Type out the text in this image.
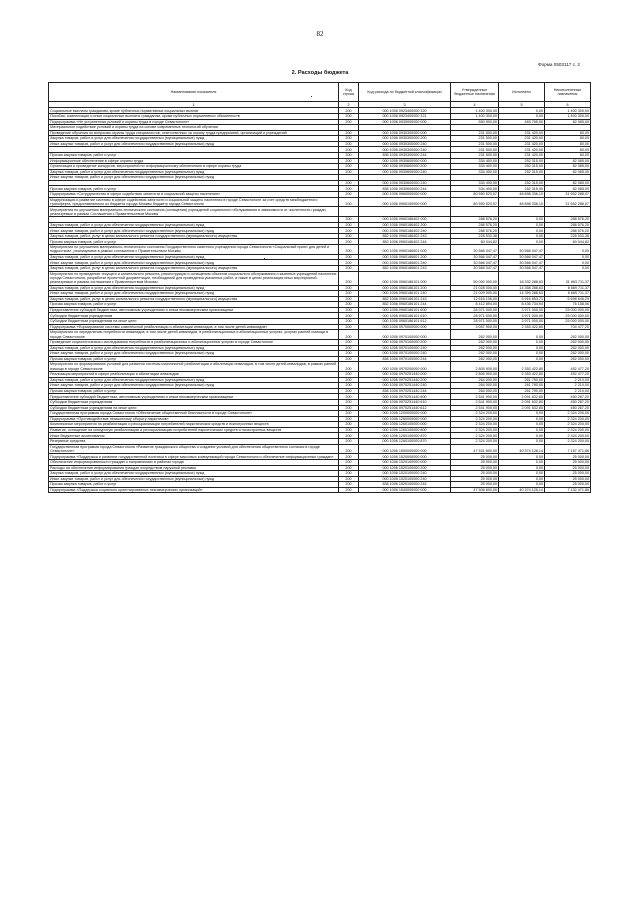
82
Форма 0503117 с. 2
2. Расходы бюджета
Наименование показателя	Код строки	Код расхода по бюджетной классификации	Утвержденные бюджетные назначения	Исполнено	Неисполненные назначения
1	2	3	4	5	6
Социальные выплаты гражданам, кроме публичных нормативных социальных выплат	200	000 1006 0923400000 320	1 400 300,00	0,00	1 400 300,00
Пособия, компенсации и иные социальные выплаты гражданам, кроме публичных нормативных обязательств	200	000 1006 0923400000 321	1 400 300,00	0,00	1 400 300,00
Подпрограмма «Не устраненная условий и охраны труда в городе Севастополе»	200	000 1006 0930000000 000	550 900,00	483 765,00	82 085,00
Материальное содействие условий и охраны труда на основе современных технологий обучения					
Проведение обучения по вопросам охраны труда специалистов, ответственных за охрану труда предприятий, организаций и учреждений	200	000 1006 0930300000 000	231 500,00	231 420,00	80,00
Закупка товаров, работ и услуг для обеспечения государственных (муниципальных) нужд	200	000 1006 0930300000 200	231 500,00	231 420,00	80,00
Иные закупки товаров, работ и услуг для обеспечения государственных (муниципальных) нужд	200	000 1006 0930300000 240	231 500,00	231 420,00	80,00
	200	000 1006 0930300000 240	231 500,00	231 420,00	80,00
Прочая закупка товаров, работ и услуг	200	838 1006 0930300000 244	231 500,00	231 420,00	80,00
Информационное обеспечение в сфере охраны труда	200	000 1006 0930600000 000	334 400,00	252 315,00	82 085,00
Организация и проведение конкурсов, мероприятий по информационному обеспечению в сфере охраны труда	200	000 1006 0930600000 200	334 400,00	252 315,00	82 085,00
Закупка товаров, работ и услуг для обеспечения государственных (муниципальных) нужд	200	000 1006 0930600000 240	334 400,00	252 315,00	82 085,00
Иные закупки товаров, работ и услуг для обеспечения государственных (муниципальных) нужд					
	200	000 1006 0930600000 240	334 400,00	252 315,00	82 085,00
Прочая закупка товаров, работ и услуг	200	838 1006 0930600000 244	334 400,00	252 315,00	82 085,00
Подпрограмма «Сотрудничество в сфере содействия занятости и социальной защиты населения»	200	000 1006 0960000000 000	80 550 523,57	48 898 336,10	31 652 288,07
Модернизация и развитие системы в сфере содействия занятости и социальной защиты населения в городе Севастополе за счет средств межбюджетного трансферта, предоставляемого из бюджета города Москвы бюджету города Севастополя	200	000 1006 0960100000 000	80 550 523,57	48 898 336,10	31 652 288,07
Мероприятия по улучшению материально-технического состояния (оснащения) учреждений социального обслуживания в зависимости от численности граждан, реализуемые в рамках Соглашения с Правительством Москвы					
	200	000 1006 0960186402 000	288 576,20	0,00	288 576,20
Закупка товаров, работ и услуг для обеспечения государственных (муниципальных) нужд	200	000 1006 0960186402 200	288 576,20	0,00	288 576,20
Иные закупки товаров, работ и услуг для обеспечения государственных (муниципальных) нужд	200	000 1006 0960186402 240	288 576,20	0,00	288 576,20
Закупка товаров, работ, услуг в целях капитального ремонта государственного (муниципального) имущества	200	852 1006 0960186402 243	228 533,38	0,00	228 533,38
Прочая закупка товаров, работ и услуг	200	852 1006 0960186402 244	60 044,82	0,00	60 044,82
Мероприятия по улучшению материально-технического состояния Государственного казенного учреждения города Севастополя «Социальный приют для детей и подростков», реализуемые в рамках соглашения с Правительством Москвы	200	000 1006 0960186601 000	30 566 047,47	30 566 047,47	0,00
Закупка товаров, работ и услуг для обеспечения государственных (муниципальных) нужд	200	000 1006 0960186601 200	30 566 047,47	30 566 047,47	0,00
Иные закупки товаров, работ и услуг для обеспечения государственных (муниципальных) нужд	200	000 1006 0960186601 240	30 566 047,47	30 566 047,47	0,00
Закупка товаров, работ, услуг в целях капитального ремонта государственного (муниципального) имущества	200	852 1006 0960186601 243	30 566 047,47	30 566 047,47	0,00
Мероприятия по проведению текущего и капитального ремонта, реконструкции и оснащению объектов социального обслуживания и казенных учреждений населения города Севастополя, разработке проектной документации, необходимой для проведения указанных работ, а также в целях реализации иных мероприятий, реализуемые в рамках соглашения с Правительством Москвы	200	000 1006 0960186101 000	50 000 000,00	18 332 288,63	31 663 711,37
Закупка товаров, работ и услуг для обеспечения государственных (муниципальных) нужд	200	000 1006 0960186101 200	21 028 000,00	14 358 288,63	6 669 711,37
Иные закупки товаров, работ и услуг для обеспечения государственных (муниципальных) нужд	200	000 1006 0960186101 240	21 029 000,00	14 359 288,63	6 669 711,37
Закупка товаров, работ, услуг в целях капитального ремонта государственного (муниципального) имущества	200	852 1006 0960186101 243	12 616 106,00	5 916 653,71	6 698 646,29
Прочая закупка товаров, работ и услуг	200	852 1006 0960186101 244	8 412 894,00	8 436 734,94	76 158,06
Предоставление субсидий бюджетным, автономным учреждениям и иным некоммерческим организациям	200	000 1006 0960186101 600	28 971 000,00	3 971 000,00	25 000 000,00
Субсидии бюджетным учреждениям	200	000 1006 0960186101 610	28 971 000,00	3 971 000,00	25 000 000,00
Субсидии бюджетным учреждениям на иные цели	200	000 1006 0960186101 612	28 971 000,00	3 971 000,00	25 000 000,00
Подпрограмма «Формирование системы комплексной реабилитации и абилитации инвалидов, в том числе детей-инвалидов»	200	000 1006 0970000000 000	3 057 900,00	2 353 422,80	704 477,20
Мероприятия по определению потребности инвалидов, в том числе детей-инвалидов, в реабилитационных и абилитационных услугах, услугах ранней помощи в городе Севастополе	200	000 1006 0970100000 000	262 000,00	0,00	262 000,00
Проведение социологического исследования потребности в реабилитационных и абилитационных услугах в городе Севастополе	200	000 1006 0970100000 200	262 000,00	0,00	262 000,00
Закупка товаров, работ и услуг для обеспечения государственных (муниципальных) нужд	200	000 1006 0970100000 240	262 000,00	0,00	262 000,00
Иные закупки товаров, работ и услуг для обеспечения государственных (муниципальных) нужд	200	000 1006 0970100000 240	262 000,00	0,00	262 000,00
Прочая закупка товаров, работ и услуг	200	838 1006 0970100000 244	262 000,00	0,00	262 000,00
Мероприятия по формированию условий для развития системы комплексной реабилитации и абилитации инвалидов, в том числе детей-инвалидов, в рамках ранней помощи в городе Севастополе	200	000 1006 0970200000 000	2 805 900,00	2 353 422,80	452 477,20
Реализация мероприятий в сфере реабилитации и абилитации инвалидов	200	000 1006 0970251440 000	2 805 900,00	2 353 422,80	452 477,20
Закупка товаров, работ и услуг для обеспечения государственных (муниципальных) нужд	200	000 1006 0970251440 200	264 000,00	261 790,00	2 210,00
Иные закупки товаров, работ и услуг для обеспечения государственных (муниципальных) нужд	200	000 1006 0970251440 240	264 000,00	261 790,00	2 210,00
Прочая закупка товаров, работ и услуг	200	838 1006 0970251440 244	264 000,00	261 790,00	2 210,00
Предоставление субсидий бюджетным, автономным учреждениям и иным некоммерческим организациям	200	000 1006 0970251440 600	2 541 900,00	2 091 632,80	450 267,20
Субсидии бюджетным учреждениям	200	000 1006 0970251440 610	2 541 900,00	2 091 632,80	450 267,20
Субсидии бюджетным учреждениям на иные цели	200	000 1006 0970251440 612	2 541 900,00	2 091 632,80	450 267,20
Государственная программа города Севастополя «Обеспечение общественной безопасности в городе Севастополе»	200	000 1006 1200000000 000	2 324 200,00	0,00	2 324 200,00
Подпрограмма «Противодействие незаконному обороту наркотиков»	200	000 1006 1260000000 000	2 324 200,00	0,00	2 324 200,00
Комплексные мероприятия по реабилитации и ресоциализации потребителей наркотических средств и психотропных веществ	200	000 1006 1260100000 000	2 324 200,00	0,00	2 324 200,00
Развитие, оснащение на конкурсную реабилитацию и ресоциализацию потребителей наркотических средств и психотропных веществ	200	000 1006 1260100000 800	2 324 200,00	0,00	2 324 200,00
Иные бюджетные ассигнования	200	000 1006 1260100000 870	2 324 200,00	0,00	2 324 200,00
Резервные средства	200	000 1006 1260100000 870	2 324 200,00	0,00	2 324 200,00
Государственная программа города Севастополя «Развитие гражданского общества и создание условий для обеспечения общественного согласия в городе Севастополе»	200	000 1006 1500000000 000	47 531 600,00	40 374 128,14	7 157 471,86
Подпрограмма «Поддержка и развитие государственной политики в сфере массовых коммуникаций города Севастополя и обеспечение информационных граждан»	200	000 1006 1520000000 000	25 000,00	0,00	25 000,00
Обеспечение информированности граждан о направлениях в районах города	200	000 1006 1520100000 000	25 000,00	0,00	25 000,00
Расходы на обеспечение информирования граждан посредством наружной рекламы	200	000 1006 1520100000 200	25 000,00	0,00	25 000,00
Закупка товаров, работ и услуг для обеспечения государственных (муниципальных) нужд	200	000 1006 1520100000 240	25 000,00	0,00	25 000,00
Иные закупки товаров, работ и услуг для обеспечения государственных (муниципальных) нужд	200	000 1006 1520100000 240	25 000,00	0,00	25 000,00
Прочая закупка товаров, работ и услуг	200	838 1006 1520100000 244	25 000,00	0,00	25 000,00
Подпрограмма «Поддержка социально ориентированных некоммерческих организаций»	200	000 1006 1540000000 000	47 506 600,00	40 374 128,14	7 132 471,86
